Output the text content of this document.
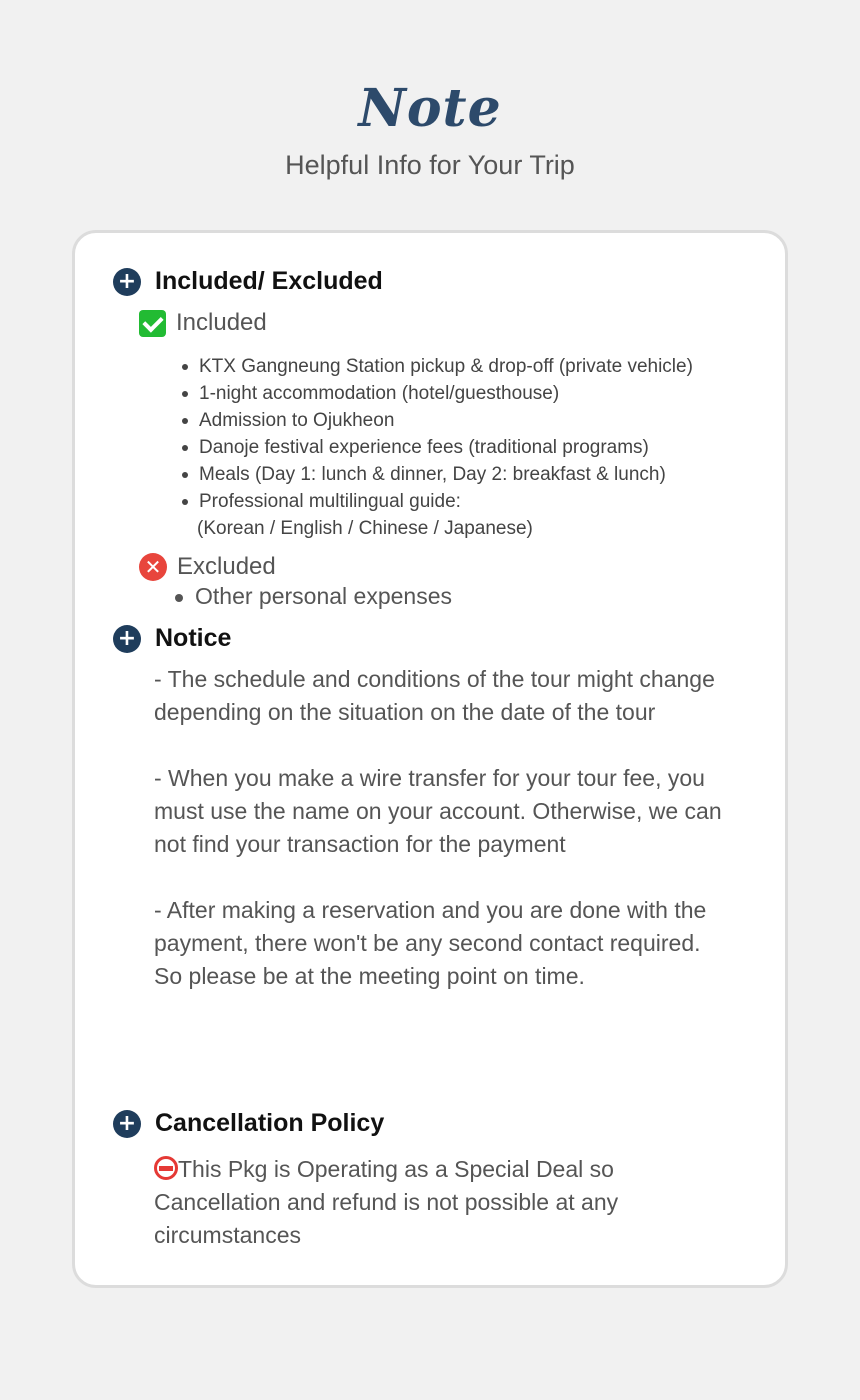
Note
Helpful Info for Your Trip
+ Included/ Excluded
Included
KTX Gangneung Station pickup & drop-off (private vehicle)
1-night accommodation (hotel/guesthouse)
Admission to Ojukheon
Danoje festival experience fees (traditional programs)
Meals (Day 1: lunch & dinner, Day 2: breakfast & lunch)
Professional multilingual guide:
(Korean / English / Chinese / Japanese)
✕ Excluded
Other personal expenses
+ Notice
- The schedule and conditions of the tour might change depending on the situation on the date of the tour
- When you make a wire transfer for your tour fee, you must use the name on your account. Otherwise, we can not find your transaction for the payment
- After making a reservation and you are done with the payment, there won't be any second contact required. So please be at the meeting point on time.
+ Cancellation Policy
This Pkg is Operating as a Special Deal so Cancellation and refund is not possible at any circumstances
